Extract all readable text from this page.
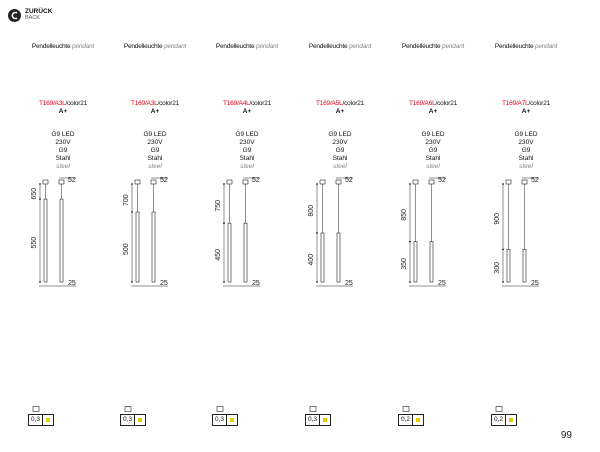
ZURÜCK
BACK
Pendelleuchte pendant
T169/A3L/color21
A+
G9 LED
230V
G9
Stahl
steel
52
650
550
25
0,3
Pendelleuchte pendant
T169/A3L/color21
A+
G9 LED
230V
G9
Stahl
steel
52
700
500
25
0,3
Pendelleuchte pendant
T169/A4L/color21
A+
G9 LED
230V
G9
Stahl
steel
52
750
450
25
0,3
Pendelleuchte pendant
T169/A5L/color21
A+
G9 LED
230V
G9
Stahl
steel
52
800
400
25
0,3
Pendelleuchte pendant
T169/A6L/color21
A+
G9 LED
230V
G9
Stahl
steel
52
850
350
25
0,2
Pendelleuchte pendant
T169/A7L/color21
A+
G9 LED
230V
G9
Stahl
steel
52
900
300
25
0,2
99
